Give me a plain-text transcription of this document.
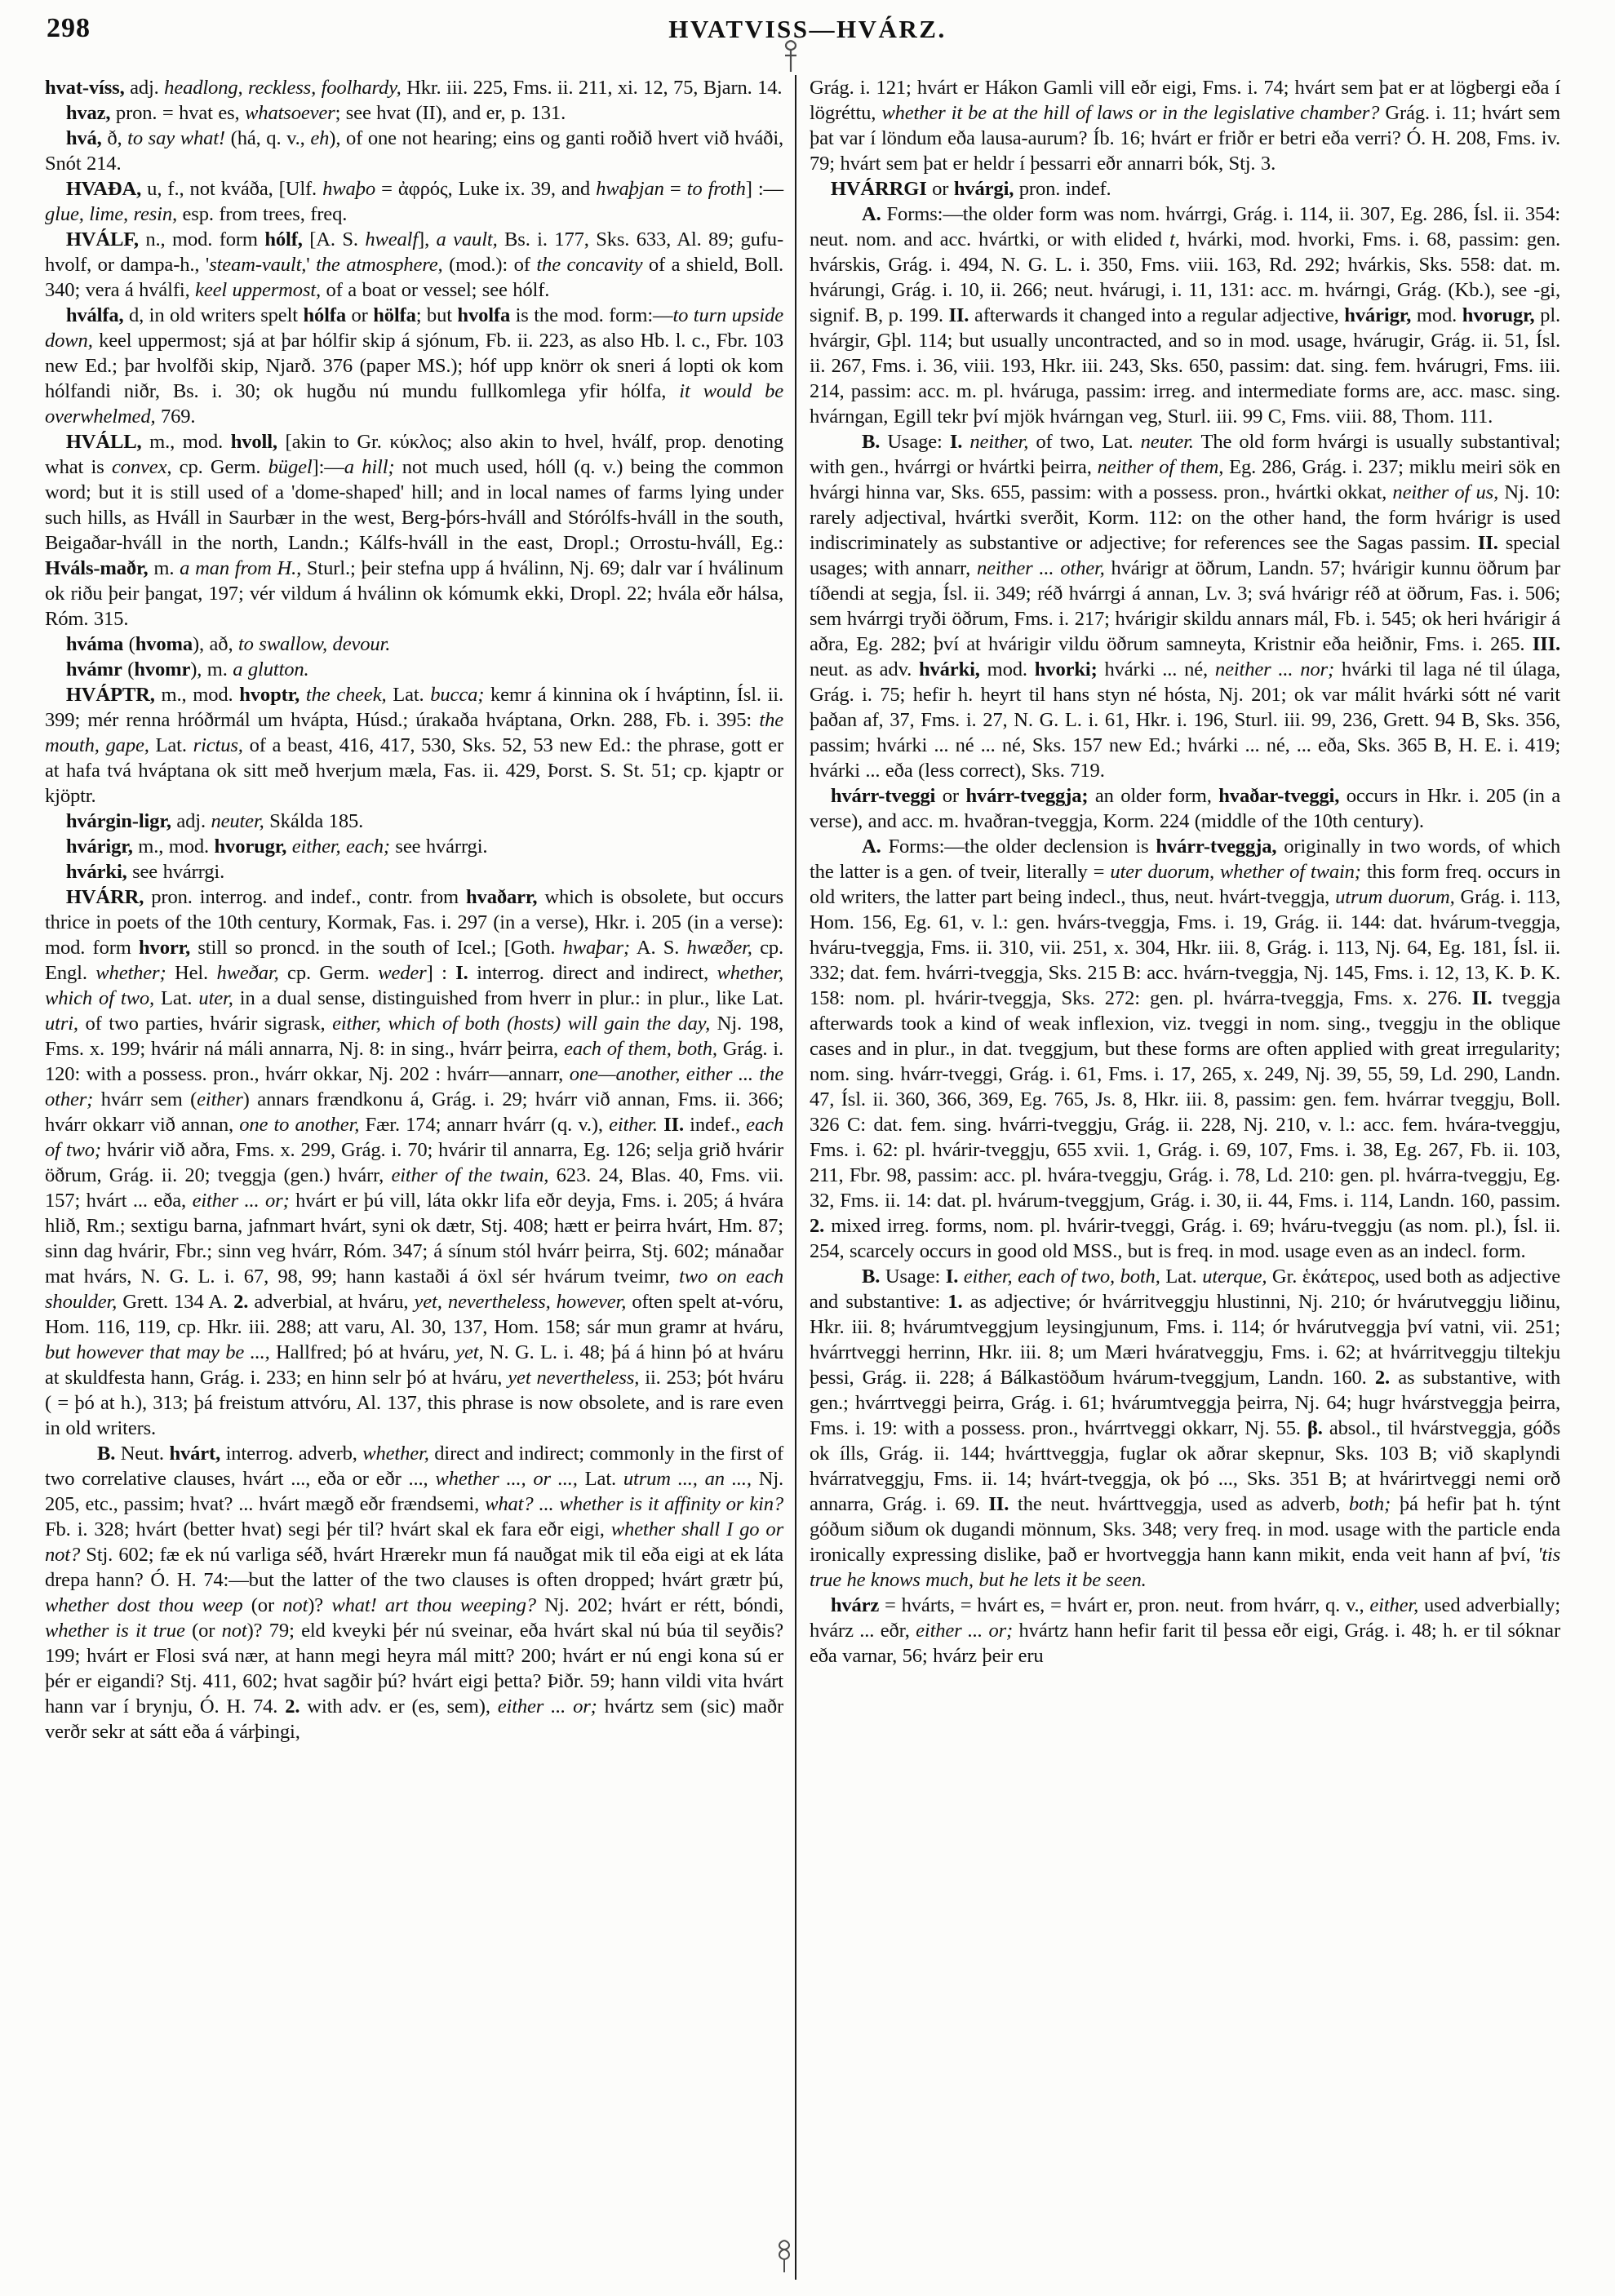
298	HVATVISS—HVÁRZ.

hvat-víss, adj. headlong, reckless, foolhardy, Hkr. iii. 225, Fms. ii. 211, xi. 12, 75, Bjarn. 14.

hvaz, pron. = hvat es, whatsoever; see hvat (II), and er, p. 131.

hvá, ð, to say what! (há, q. v., eh), of one not hearing; eins og ganti roðið hvert við hváði, Snót 214.

HVAÐA, u, f., not kváða, [Ulf. hwaþo = ἀφρός, Luke ix. 39, and hwaþjan = to froth] :—glue, lime, resin, esp. from trees, freq.

HVÁLF, n., mod. form hólf, [A. S. hwealf], a vault, Bs. i. 177, Sks. 633, Al. 89; gufu-hvolf, or dampa-h., 'steam-vault,' the atmosphere, (mod.): of the concavity of a shield, Boll. 340; vera á hválfi, keel uppermost, of a boat or vessel; see hólf.

hválfa, d, in old writers spelt hólfa or hölfa; but hvolfa is the mod. form:—to turn upside down, keel uppermost; sjá at þar hólfir skip á sjónum, Fb. ii. 223, as also Hb. l. c., Fbr. 103 new Ed.; þar hvolfði skip, Njarð. 376 (paper MS.); hóf upp knörr ok sneri á lopti ok kom hólfandi niðr, Bs. i. 30; ok hugðu nú mundu fullkomlega yfir hólfa, it would be overwhelmed, 769.

HVÁLL, m., mod. hvoll, [akin to Gr. κύκλος; also akin to hvel, hválf, prop. denoting what is convex, cp. Germ. bügel]:—a hill; not much used, hóll (q. v.) being the common word; but it is still used of a 'dome-shaped' hill; and in local names of farms lying under such hills, as Hváll in Saurbær in the west, Berg-þórs-hváll and Stórólfs-hváll in the south, Beigaðar-hváll in the north, Landn.; Kálfs-hváll in the east, Dropl.; Orrostu-hváll, Eg.: Hváls-maðr, m. a man from H., Sturl.; þeir stefna upp á hválinn, Nj. 69; dalr var í hválinum ok riðu þeir þangat, 197; vér vildum á hválinn ok kómumk ekki, Dropl. 22; hvála eðr hálsa, Róm. 315.

hváma (hvoma), að, to swallow, devour.

hvámr (hvomr), m. a glutton.

HVÁPTR, m., mod. hvoptr, the cheek, Lat. bucca; kemr á kinnina ok í hváptinn, Ísl. ii. 399; mér renna hróðrmál um hvápta, Húsd.; úrakaða hváptana, Orkn. 288, Fb. i. 395: the mouth, gape, Lat. rictus, of a beast, 416, 417, 530, Sks. 52, 53 new Ed.: the phrase, gott er at hafa tvá hváptana ok sitt með hverjum mæla, Fas. ii. 429, Þorst. S. St. 51; cp. kjaptr or kjöptr.

hvárgin-ligr, adj. neuter, Skálda 185.

hvárigr, m., mod. hvorugr, either, each; see hvárrgi.

hvárki, see hvárrgi.

HVÁRR, pron. interrog. and indef., contr. from hvaðarr, which is obsolete, but occurs thrice in poets of the 10th century, Kormak, Fas. i. 297 (in a verse), Hkr. i. 205 (in a verse): mod. form hvorr, still so proncd. in the south of Icel.; [Goth. hwaþar; A. S. hwæðer, cp. Engl. whether; Hel. hweðar, cp. Germ. weder] : I. interrog. direct and indirect, whether, which of two, Lat. uter, in a dual sense, distinguished from hverr in plur.: in plur., like Lat. utri, of two parties, hvárir sigrask, either, which of both (hosts) will gain the day, Nj. 198, Fms. x. 199; hvárir ná máli annarra, Nj. 8: in sing., hvárr þeirra, each of them, both, Grág. i. 120: with a possess. pron., hvárr okkar, Nj. 202 : hvárr—annarr, one—another, either ... the other; hvárr sem (either) annars frændkonu á, Grág. i. 29; hvárr við annan, Fms. ii. 366; hvárr okkarr við annan, one to another, Fær. 174; annarr hvárr (q. v.), either. II. indef., each of two; hvárir við aðra, Fms. x. 299, Grág. i. 70; hvárir til annarra, Eg. 126; selja grið hvárir öðrum, Grág. ii. 20; tveggja (gen.) hvárr, either of the twain, 623. 24, Blas. 40, Fms. vii. 157; hvárt ... eða, either ... or; hvárt er þú vill, láta okkr lifa eðr deyja, Fms. i. 205; á hvára hlið, Rm.; sextigu barna, jafnmart hvárt, syni ok dætr, Stj. 408; hætt er þeirra hvárt, Hm. 87; sinn dag hvárir, Fbr.; sinn veg hvárr, Róm. 347; á sínum stól hvárr þeirra, Stj. 602; mánaðar mat hvárs, N. G. L. i. 67, 98, 99; hann kastaði á öxl sér hvárum tveimr, two on each shoulder, Grett. 134 A. 2. adverbial, at hváru, yet, nevertheless, however, often spelt at-vóru, Hom. 116, 119, cp. Hkr. iii. 288; att varu, Al. 30, 137, Hom. 158; sár mun gramr at hváru, but however that may be ..., Hallfred; þó at hváru, yet, N. G. L. i. 48; þá á hinn þó at hváru at skuldfesta hann, Grág. i. 233; en hinn selr þó at hváru, yet nevertheless, ii. 253; þót hváru ( = þó at h.), 313; þá freistum attvóru, Al. 137, this phrase is now obsolete, and is rare even in old writers.

B. Neut. hvárt, interrog. adverb, whether, direct and indirect; commonly in the first of two correlative clauses, hvárt ..., eða or eðr ..., whether ..., or ..., Lat. utrum ..., an ..., Nj. 205, etc., passim; hvat? ... hvárt mægð eðr frændsemi, what? ... whether is it affinity or kin? Fb. i. 328; hvárt (better hvat) segi þér til? hvárt skal ek fara eðr eigi, whether shall I go or not? Stj. 602; fæ ek nú varliga séð, hvárt Hrærekr mun fá nauðgat mik til eða eigi at ek láta drepa hann? Ó. H. 74:—but the latter of the two clauses is often dropped; hvárt grætr þú, whether dost thou weep (or not)? what! art thou weeping? Nj. 202; hvárt er rétt, bóndi, whether is it true (or not)? 79; eld kveyki þér nú sveinar, eða hvárt skal nú búa til seyðis? 199; hvárt er Flosi svá nær, at hann megi heyra mál mitt? 200; hvárt er nú engi kona sú er þér er eigandi? Stj. 411, 602; hvat sagðir þú? hvárt eigi þetta? Þiðr. 59; hann vildi vita hvárt hann var í brynju, Ó. H. 74. 2. with adv. er (es, sem), either ... or; hvártz sem (sic) maðr verðr sekr at sátt eða á várþingi,

Grág. i. 121; hvárt er Hákon Gamli vill eðr eigi, Fms. i. 74; hvárt sem þat er at lögbergi eða í lögréttu, whether it be at the hill of laws or in the legislative chamber? Grág. i. 11; hvárt sem þat var í löndum eða lausa-aurum? Íb. 16; hvárt er friðr er betri eða verri? Ó. H. 208, Fms. iv. 79; hvárt sem þat er heldr í þessarri eðr annarri bók, Stj. 3.

HVÁRRGI or hvárgi, pron. indef.

A. Forms:—the older form was nom. hvárrgi, Grág. i. 114, ii. 307, Eg. 286, Ísl. ii. 354: neut. nom. and acc. hvártki, or with elided t, hvárki, mod. hvorki, Fms. i. 68, passim: gen. hvárskis, Grág. i. 494, N. G. L. i. 350, Fms. viii. 163, Rd. 292; hvárkis, Sks. 558: dat. m. hvárungi, Grág. i. 10, ii. 266; neut. hvárugi, i. 11, 131: acc. m. hvárngi, Grág. (Kb.), see -gi, signif. B, p. 199. II. afterwards it changed into a regular adjective, hvárigr, mod. hvorugr, pl. hvárgir, Gþl. 114; but usually uncontracted, and so in mod. usage, hvárugir, Grág. ii. 51, Ísl. ii. 267, Fms. i. 36, viii. 193, Hkr. iii. 243, Sks. 650, passim: dat. sing. fem. hvárugri, Fms. iii. 214, passim: acc. m. pl. hváruga, passim: irreg. and intermediate forms are, acc. masc. sing. hvárngan, Egill tekr því mjök hvárngan veg, Sturl. iii. 99 C, Fms. viii. 88, Thom. 111.

B. Usage: I. neither, of two, Lat. neuter. The old form hvárgi is usually substantival; with gen., hvárrgi or hvártki þeirra, neither of them, Eg. 286, Grág. i. 237; miklu meiri sök en hvárgi hinna var, Sks. 655, passim: with a possess. pron., hvártki okkat, neither of us, Nj. 10: rarely adjectival, hvártki sverðit, Korm. 112: on the other hand, the form hvárigr is used indiscriminately as substantive or adjective; for references see the Sagas passim. II. special usages; with annarr, neither ... other, hvárigr at öðrum, Landn. 57; hvárigir kunnu öðrum þar tíðendi at segja, Ísl. ii. 349; réð hvárrgi á annan, Lv. 3; svá hvárigr réð at öðrum, Fas. i. 506; sem hvárrgi tryði öðrum, Fms. i. 217; hvárigir skildu annars mál, Fb. i. 545; ok heri hvárigir á aðra, Eg. 282; því at hvárigir vildu öðrum samneyta, Kristnir eða heiðnir, Fms. i. 265. III. neut. as adv. hvárki, mod. hvorki; hvárki ... né, neither ... nor; hvárki til laga né til úlaga, Grág. i. 75; hefir h. heyrt til hans styn né hósta, Nj. 201; ok var málit hvárki sótt né varit þaðan af, 37, Fms. i. 27, N. G. L. i. 61, Hkr. i. 196, Sturl. iii. 99, 236, Grett. 94 B, Sks. 356, passim; hvárki ... né ... né, Sks. 157 new Ed.; hvárki ... né, ... eða, Sks. 365 B, H. E. i. 419; hvárki ... eða (less correct), Sks. 719.

hvárr-tveggi or hvárr-tveggja; an older form, hvaðar-tveggi, occurs in Hkr. i. 205 (in a verse), and acc. m. hvaðran-tveggja, Korm. 224 (middle of the 10th century).

A. Forms:—the older declension is hvárr-tveggja, originally in two words, of which the latter is a gen. of tveir, literally = uter duorum, whether of twain; this form freq. occurs in old writers, the latter part being indecl., thus, neut. hvárt-tveggja, utrum duorum, Grág. i. 113, Hom. 156, Eg. 61, v. l.: gen. hvárs-tveggja, Fms. i. 19, Grág. ii. 144: dat. hvárum-tveggja, hváru-tveggja, Fms. ii. 310, vii. 251, x. 304, Hkr. iii. 8, Grág. i. 113, Nj. 64, Eg. 181, Ísl. ii. 332; dat. fem. hvárri-tveggja, Sks. 215 B: acc. hvárn-tveggja, Nj. 145, Fms. i. 12, 13, K. Þ. K. 158: nom. pl. hvárir-tveggja, Sks. 272: gen. pl. hvárra-tveggja, Fms. x. 276. II. tveggja afterwards took a kind of weak inflexion, viz. tveggi in nom. sing., tveggju in the oblique cases and in plur., in dat. tveggjum, but these forms are often applied with great irregularity; nom. sing. hvárr-tveggi, Grág. i. 61, Fms. i. 17, 265, x. 249, Nj. 39, 55, 59, Ld. 290, Landn. 47, Ísl. ii. 360, 366, 369, Eg. 765, Js. 8, Hkr. iii. 8, passim: gen. fem. hvárrar tveggju, Boll. 326 C: dat. fem. sing. hvárri-tveggju, Grág. ii. 228, Nj. 210, v. l.: acc. fem. hvára-tveggju, Fms. i. 62: pl. hvárir-tveggju, 655 xvii. 1, Grág. i. 69, 107, Fms. i. 38, Eg. 267, Fb. ii. 103, 211, Fbr. 98, passim: acc. pl. hvára-tveggju, Grág. i. 78, Ld. 210: gen. pl. hvárra-tveggju, Eg. 32, Fms. ii. 14: dat. pl. hvárum-tveggjum, Grág. i. 30, ii. 44, Fms. i. 114, Landn. 160, passim. 2. mixed irreg. forms, nom. pl. hvárir-tveggi, Grág. i. 69; hváru-tveggju (as nom. pl.), Ísl. ii. 254, scarcely occurs in good old MSS., but is freq. in mod. usage even as an indecl. form.

B. Usage: I. either, each of two, both, Lat. uterque, Gr. ἑκάτερος, used both as adjective and substantive: 1. as adjective; ór hvárritveggju hlustinni, Nj. 210; ór hvárutveggju liðinu, Hkr. iii. 8; hvárumtveggjum leysingjunum, Fms. i. 114; ór hvárutveggja því vatni, vii. 251; hvárrtveggi herrinn, Hkr. iii. 8; um Mæri hváratveggju, Fms. i. 62; at hvárritveggju tiltekju þessi, Grág. ii. 228; á Bálkastöðum hvárum-tveggjum, Landn. 160. 2. as substantive, with gen.; hvárrtveggi þeirra, Grág. i. 61; hvárumtveggja þeirra, Nj. 64; hugr hvárstveggja þeirra, Fms. i. 19: with a possess. pron., hvárrtveggi okkarr, Nj. 55. β. absol., til hvárstveggja, góðs ok ílls, Grág. ii. 144; hvárttveggja, fuglar ok aðrar skepnur, Sks. 103 B; við skaplyndi hvárratveggju, Fms. ii. 14; hvárt-tveggja, ok þó ..., Sks. 351 B; at hvárirtveggi nemi orð annarra, Grág. i. 69. II. the neut. hvárttveggja, used as adverb, both; þá hefir þat h. týnt góðum siðum ok dugandi mönnum, Sks. 348; very freq. in mod. usage with the particle enda ironically expressing dislike, það er hvortveggja hann kann mikit, enda veit hann af því, 'tis true he knows much, but he lets it be seen.

hvárz = hvárts, = hvárt es, = hvárt er, pron. neut. from hvárr, q. v., either, used adverbially; hvárz ... eðr, either ... or; hvártz hann hefir farit til þessa eðr eigi, Grág. i. 48; h. er til sóknar eða varnar, 56; hvárz þeir eru
